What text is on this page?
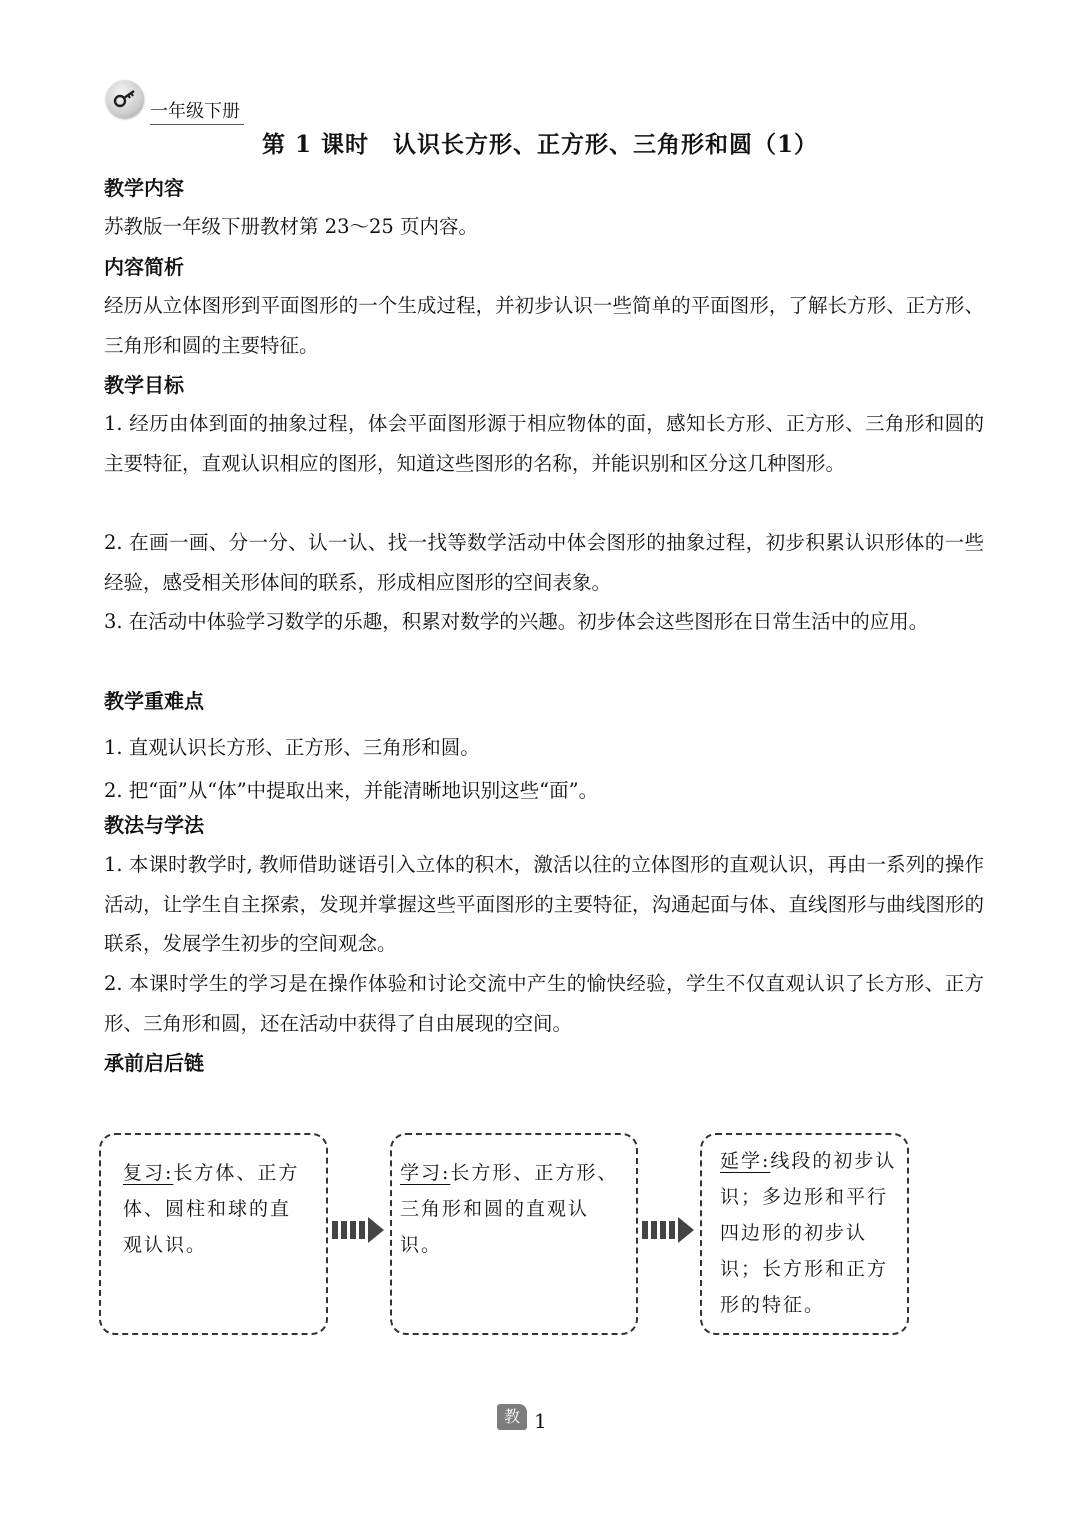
一年级下册
第 1 课时　认识长方形、正方形、三角形和圆（1）
教学内容

苏教版一年级下册教材第 23～25 页内容。

内容简析

经历从立体图形到平面图形的一个生成过程，并初步认识一些简单的平面图形，了解长方形、正方形、三角形和圆的主要特征。

教学目标

1. 经历由体到面的抽象过程，体会平面图形源于相应物体的面，感知长方形、正方形、三角形和圆的主要特征，直观认识相应的图形，知道这些图形的名称，并能识别和区分这几种图形。

2. 在画一画、分一分、认一认、找一找等数学活动中体会图形的抽象过程，初步积累认识形体的一些经验，感受相关形体间的联系，形成相应图形的空间表象。

3. 在活动中体验学习数学的乐趣，积累对数学的兴趣。初步体会这些图形在日常生活中的应用。

教学重难点

1. 直观认识长方形、正方形、三角形和圆。

2. 把“面”从“体”中提取出来，并能清晰地识别这些“面”。

教法与学法

1. 本课时教学时, 教师借助谜语引入立体的积木，激活以往的立体图形的直观认识，再由一系列的操作活动，让学生自主探索，发现并掌握这些平面图形的主要特征，沟通起面与体、直线图形与曲线图形的联系，发展学生初步的空间观念。

2. 本课时学生的学习是在操作体验和讨论交流中产生的愉快经验，学生不仅直观认识了长方形、正方形、三角形和圆，还在活动中获得了自由展现的空间。

承前启后链
复习:长方体、正方体、圆柱和球的直观认识。
学习:长方形、正方形、三角形和圆的直观认识。
延学:线段的初步认识；多边形和平行四边形的初步认识；长方形和正方形的特征。
教 1
